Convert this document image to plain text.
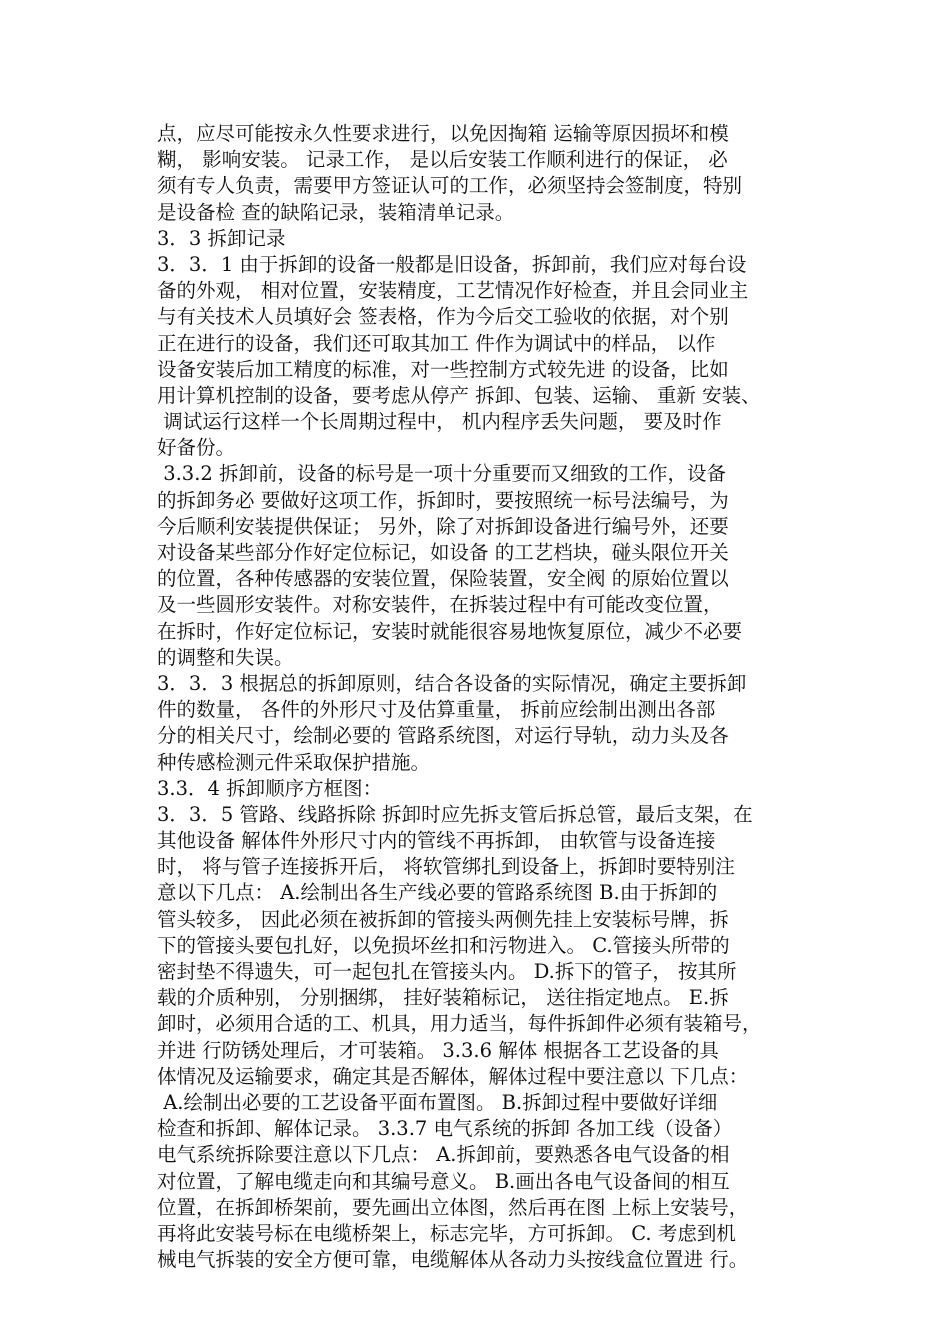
点，应尽可能按永久性要求进行，以免因掏箱 运输等原因损坏和模
糊， 影响安装。 记录工作， 是以后安装工作顺利进行的保证， 必
须有专人负责，需要甲方签证认可的工作，必须坚持会签制度，特别
是设备检 查的缺陷记录，装箱清单记录。
3．3 拆卸记录
3．3．1 由于拆卸的设备一般都是旧设备，拆卸前，我们应对每台设
备的外观， 相对位置，安装精度，工艺情况作好检查，并且会同业主
与有关技术人员填好会 签表格，作为今后交工验收的依据，对个别
正在进行的设备，我们还可取其加工 件作为调试中的样品， 以作
设备安装后加工精度的标准，对一些控制方式较先进 的设备，比如
用计算机控制的设备，要考虑从停产 拆卸、包装、运输、 重新 安装、
调试运行这样一个长周期过程中， 机内程序丢失问题， 要及时作
好备份。
3.3.2 拆卸前，设备的标号是一项十分重要而又细致的工作，设备
的拆卸务必 要做好这项工作，拆卸时，要按照统一标号法编号，为
今后顺利安装提供保证； 另外，除了对拆卸设备进行编号外，还要
对设备某些部分作好定位标记，如设备 的工艺档块，碰头限位开关
的位置，各种传感器的安装位置，保险装置，安全阀 的原始位置以
及一些圆形安装件。对称安装件，在拆装过程中有可能改变位置，
在拆时，作好定位标记，安装时就能很容易地恢复原位，减少不必要
的调整和失误。
3．3．3 根据总的拆卸原则，结合各设备的实际情况，确定主要拆卸
件的数量， 各件的外形尺寸及估算重量， 拆前应绘制出测出各部
分的相关尺寸，绘制必要的 管路系统图，对运行导轨，动力头及各
种传感检测元件采取保护措施。
3.3．4 拆卸顺序方框图：
3．3．5 管路、线路拆除 拆卸时应先拆支管后拆总管，最后支架，在
其他设备 解体件外形尺寸内的管线不再拆卸， 由软管与设备连接
时， 将与管子连接拆开后， 将软管绑扎到设备上，拆卸时要特别注
意以下几点： A.绘制出各生产线必要的管路系统图 B.由于拆卸的
管头较多， 因此必须在被拆卸的管接头两侧先挂上安装标号牌，拆
下的管接头要包扎好，以免损坏丝扣和污物进入。 C.管接头所带的
密封垫不得遗失，可一起包扎在管接头内。 D.拆下的管子， 按其所
载的介质种别， 分别捆绑， 挂好装箱标记， 送往指定地点。 E.拆
卸时，必须用合适的工、机具，用力适当，每件拆卸件必须有装箱号，
并进 行防锈处理后，才可装箱。 3.3.6 解体 根据各工艺设备的具
体情况及运输要求，确定其是否解体，解体过程中要注意以 下几点：
A.绘制出必要的工艺设备平面布置图。 B.拆卸过程中要做好详细
检查和拆卸、解体记录。 3.3.7 电气系统的拆卸 各加工线（设备）
电气系统拆除要注意以下几点： A.拆卸前，要熟悉各电气设备的相
对位置，了解电缆走向和其编号意义。 B.画出各电气设备间的相互
位置，在拆卸桥架前，要先画出立体图，然后再在图 上标上安装号，
再将此安装号标在电缆桥架上，标志完毕，方可拆卸。 C. 考虑到机
械电气拆装的安全方便可靠，电缆解体从各动力头按线盒位置进 行。
